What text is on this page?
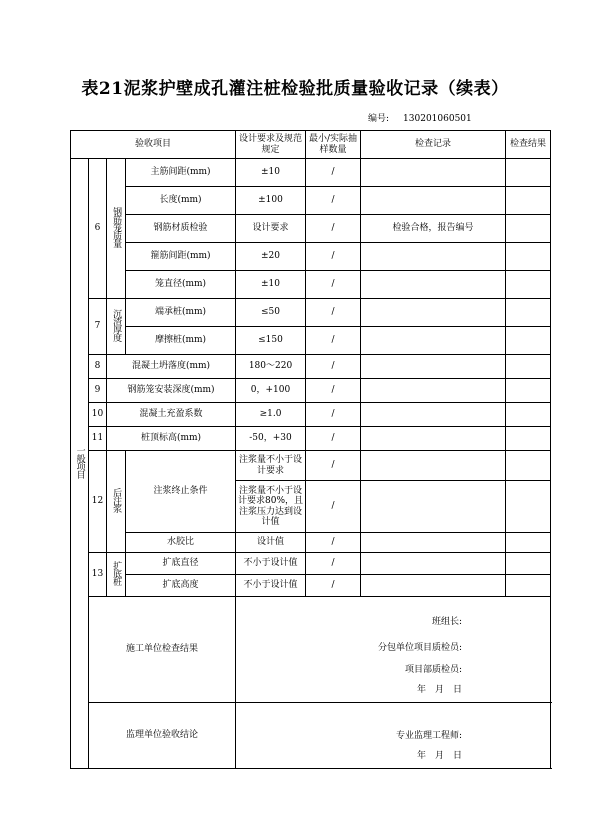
表21泥浆护壁成孔灌注桩检验批质量验收记录（续表）
编号: 130201060501
验收项目				设计要求及规范规定	最小/实际抽样数量	检查记录	检查结果
一般项目	6	钢筋笼质量	主筋间距(mm)	±10	/		
			长度(mm)	±100	/		
			钢筋材质检验	设计要求	/	检验合格，报告编号	
			箍筋间距(mm)	±20	/		
			笼直径(mm)	±10	/		
	7	沉渣厚度	端承桩(mm)	≤50	/		
			摩擦桩(mm)	≤150	/		
	8	混凝土坍落度(mm)		180～220	/		
	9	钢筋笼安装深度(mm)		0，+100	/		
	10	混凝土充盈系数		≥1.0	/		
	11	桩顶标高(mm)		-50，+30	/		
	12	后注浆	注浆终止条件	注浆量不小于设计要求	/		
				注浆量不小于设计要求80%，且注浆压力达到设计值	/		
			水胶比	设计值	/		
	13	扩底桩	扩底直径	不小于设计值	/		
			扩底高度	不小于设计值	/		
	施工单位检查结果			班组长:
分包单位项目质检员:
项目部质检员:
年　月　日			

	监理单位验收结论			专业监理工程师:
年　月　日			
